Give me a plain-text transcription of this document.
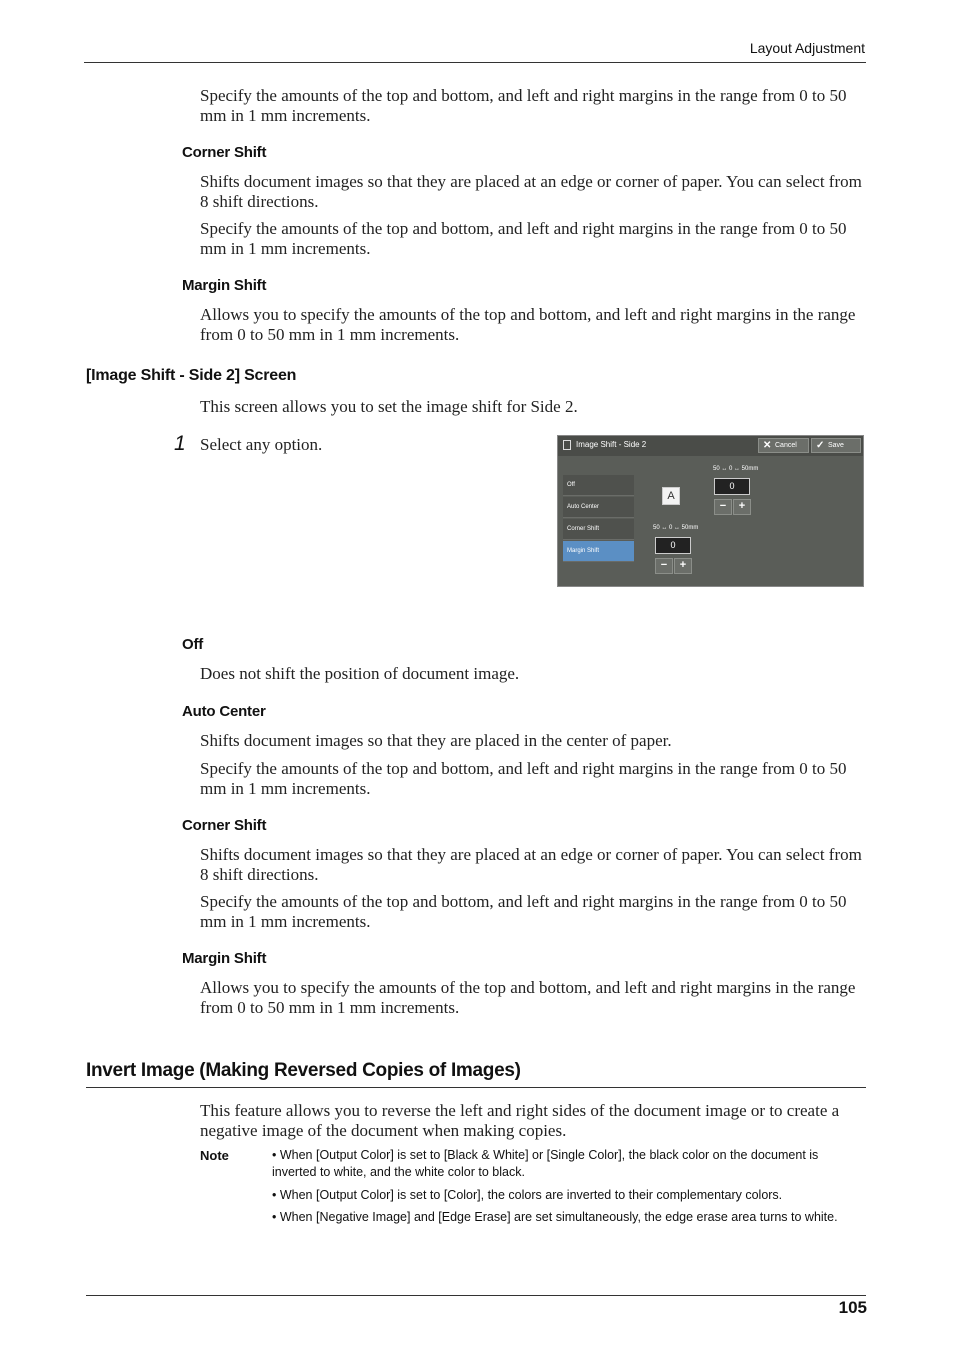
Layout Adjustment
Specify the amounts of the top and bottom, and left and right margins in the range from 0 to 50 mm in 1 mm increments.
Corner Shift
Shifts document images so that they are placed at an edge or corner of paper. You can select from 8 shift directions.
Specify the amounts of the top and bottom, and left and right margins in the range from 0 to 50 mm in 1 mm increments.
Margin Shift
Allows you to specify the amounts of the top and bottom, and left and right margins in the range from 0 to 50 mm in 1 mm increments.
[Image Shift - Side 2] Screen
This screen allows you to set the image shift for Side 2.
1 Select any option.	Image Shift - Side 2	✕ Cancel	✓ Save
Off
Auto Center
Corner Shift
Margin Shift
A
50 ↔ 0 ↔ 50mm
0
−	+
50 ↔ 0 ↔ 50mm
0
−	+
Off
Does not shift the position of document image.
Auto Center
Shifts document images so that they are placed in the center of paper.
Specify the amounts of the top and bottom, and left and right margins in the range from 0 to 50 mm in 1 mm increments.
Corner Shift
Shifts document images so that they are placed at an edge or corner of paper. You can select from 8 shift directions.
Specify the amounts of the top and bottom, and left and right margins in the range from 0 to 50 mm in 1 mm increments.
Margin Shift
Allows you to specify the amounts of the top and bottom, and left and right margins in the range from 0 to 50 mm in 1 mm increments.
Invert Image (Making Reversed Copies of Images)
This feature allows you to reverse the left and right sides of the document image or to create a negative image of the document when making copies.
Note	• When [Output Color] is set to [Black & White] or [Single Color], the black color on the document is inverted to white, and the white color to black.
• When [Output Color] is set to [Color], the colors are inverted to their complementary colors.
• When [Negative Image] and [Edge Erase] are set simultaneously, the edge erase area turns to white.
105
